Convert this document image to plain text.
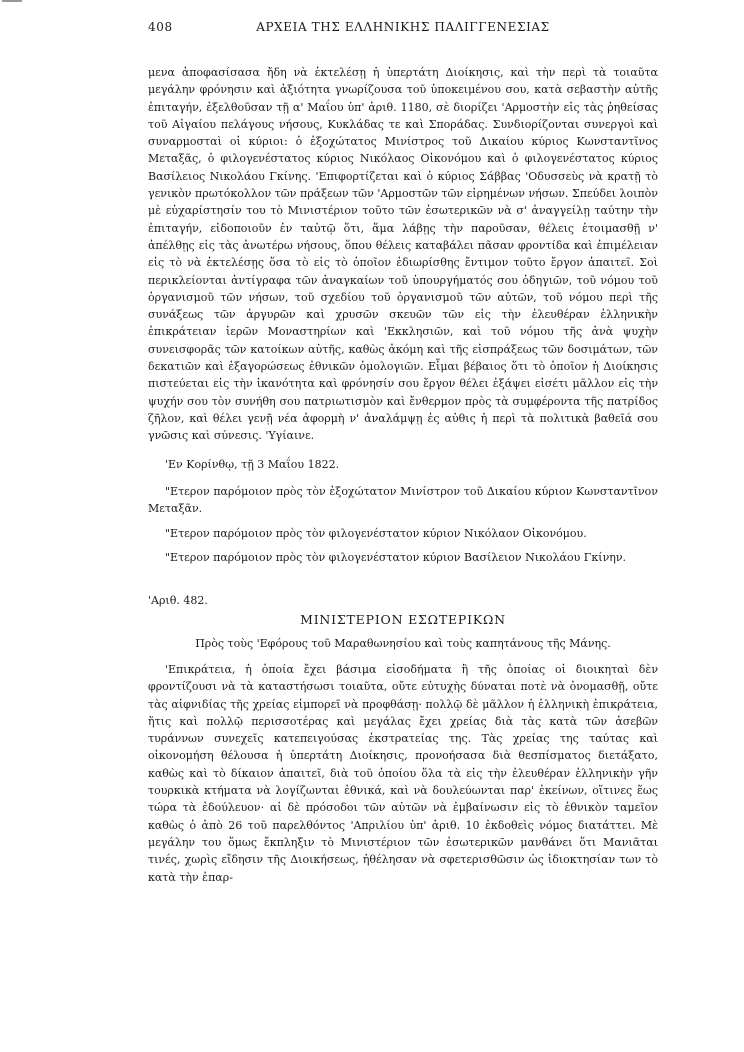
408	ΑΡΧΕΙΑ ΤΗΣ ΕΛΛΗΝΙΚΗΣ ΠΑΛΙΓΓΕΝΕΣΙΑΣ

μενα ἀποφασίσασα ἤδη νὰ ἐκτελέσῃ ἡ ὑπερτάτη Διοίκησις, καὶ τὴν περὶ τὰ τοιαῦτα μεγάλην φρόνησιν καὶ ἀξιότητα γνωρίζουσα τοῦ ὑποκειμένου σου, κατὰ σεβαστὴν αὐτῆς ἐπιταγήν, ἐξελθοῦσαν τῇ α' Μαΐου ὑπ' ἀριθ. 1180, σὲ διορίζει 'Αρμοστὴν εἰς τὰς ῥηθείσας τοῦ Αἰγαίου πελάγους νήσους, Κυκλάδας τε καὶ Σποράδας. Συνδιορίζονται συνεργοὶ καὶ συναρμοσταὶ οἱ κύριοι: ὁ ἐξοχώτατος Μινίστρος τοῦ Δικαίου κύριος Κωνσταντῖνος Μεταξᾶς, ὁ φιλογενέστατος κύριος Νικόλαος Οἰκονόμου καὶ ὁ φιλογενέστατος κύριος Βασίλειος Νικολάου Γκίνης. 'Επιφορτίζεται καὶ ὁ κύριος Σάββας 'Οδυσσεὺς νὰ κρατῇ τὸ γενικὸν πρωτόκολλον τῶν πράξεων τῶν 'Αρμοστῶν τῶν εἰρημένων νήσων. Σπεύδει λοιπὸν μὲ εὐχαρίστησίν του τὸ Μινιστέριον τοῦτο τῶν ἐσωτερικῶν νὰ σ' ἀναγγείλῃ ταύτην τὴν ἐπιταγήν, εἰδοποιοῦν ἐν ταὐτῷ ὅτι, ἅμα λάβῃς τὴν παροῦσαν, θέλεις ἑτοιμασθῇ ν' ἀπέλθῃς εἰς τὰς ἀνωτέρω νήσους, ὅπου θέλεις καταβάλει πᾶσαν φροντίδα καὶ ἐπιμέλειαν εἰς τὸ νὰ ἐκτελέσῃς ὅσα τὸ εἰς τὸ ὁποῖον ἐδιωρίσθης ἔντιμον τοῦτο ἔργον ἀπαιτεῖ. Σοὶ περικλείονται ἀντίγραφα τῶν ἀναγκαίων τοῦ ὑπουργήματός σου ὁδηγιῶν, τοῦ νόμου τοῦ ὀργανισμοῦ τῶν νήσων, τοῦ σχεδίου τοῦ ὀργανισμοῦ τῶν αὐτῶν, τοῦ νόμου περὶ τῆς συνάξεως τῶν ἀργυρῶν καὶ χρυσῶν σκευῶν τῶν εἰς τὴν ἐλευθέραν ἑλληνικὴν ἐπικράτειαν ἱερῶν Μοναστηρίων καὶ 'Εκκλησιῶν, καὶ τοῦ νόμου τῆς ἀνὰ ψυχὴν συνεισφορᾶς τῶν κατοίκων αὐτῆς, καθὼς ἀκόμη καὶ τῆς εἰσπράξεως τῶν δοσιμάτων, τῶν δεκατιῶν καὶ ἐξαγορώσεως ἐθνικῶν ὁμολογιῶν. Εἶμαι βέβαιος ὅτι τὸ ὁποῖον ἡ Διοίκησις πιστεύεται εἰς τὴν ἱκανότητα καὶ φρόνησίν σου ἔργον θέλει ἐξάψει εἰσέτι μᾶλλον εἰς τὴν ψυχήν σου τὸν συνήθη σου πατριωτισμὸν καὶ ἔνθερμον πρὸς τὰ συμφέροντα τῆς πατρίδος ζῆλον, καὶ θέλει γενῇ νέα ἀφορμὴ ν' ἀναλάμψῃ ἐς αὐθις ἡ περὶ τὰ πολιτικὰ βαθεῖά σου γνῶσις καὶ σύνεσις. 'Υγίαινε.

'Εν Κορίνθῳ, τῇ 3 Μαΐου 1822.

"Ετερον παρόμοιον πρὸς τὸν ἐξοχώτατον Μινίστρον τοῦ Δικαίου κύριον Κωνσταντῖνον Μεταξᾶν.

"Ετερον παρόμοιον πρὸς τὸν φιλογενέστατον κύριον Νικόλαον Οἰκονόμου.

"Ετερον παρόμοιον πρὸς τὸν φιλογενέστατον κύριον Βασίλειον Νικολάου Γκίνην.

'Αριθ. 482.
ΜΙΝΙΣΤΕΡΙΟΝ ΕΣΩΤΕΡΙΚΩΝ
Πρὸς τοὺς 'Εφόρους τοῦ Μαραθωνησίου καὶ τοὺς καπητάνους τῆς Μάνης.

'Επικράτεια, ἡ ὁποία ἔχει βάσιμα εἰσοδήματα ἢ τῆς ὁποίας οἱ διοικηταὶ δὲν φροντίζουσι νὰ τὰ καταστήσωσι τοιαῦτα, οὔτε εὐτυχὴς δύναται ποτὲ νὰ ὀνομασθῇ, οὔτε τὰς αἰφνιδίας τῆς χρείας εἰμπορεῖ νὰ προφθάσῃ· πολλῷ δὲ μᾶλλον ἡ ἑλληνικὴ ἐπικράτεια, ἥτις καὶ πολλῷ περισσοτέρας καὶ μεγάλας ἔχει χρείας διὰ τὰς κατὰ τῶν ἀσεβῶν τυράννων συνεχεῖς κατεπειγούσας ἐκστρατείας της. Τὰς χρείας της ταύτας καὶ οἰκονομήση θέλουσα ἡ ὑπερτάτη Διοίκησις, προνοήσασα διὰ θεσπίσματος διετάξατο, καθὼς καὶ τὸ δίκαιον ἀπαιτεῖ, διὰ τοῦ ὁποίου ὅλα τὰ εἰς τὴν ἐλευθέραν ἑλληνικὴν γῆν τουρκικὰ κτήματα νὰ λογίζωνται ἐθνικά, καὶ νὰ δουλεύωνται παρ' ἐκείνων, οἵτινες ἕως τώρα τὰ ἐδούλευον· αἱ δὲ πρόσοδοι τῶν αὐτῶν νὰ ἐμβαίνωσιν εἰς τὸ ἐθνικὸν ταμεῖον καθὼς ὁ ἀπὸ 26 τοῦ παρελθόντος 'Απριλίου ὑπ' ἀριθ. 10 ἐκδοθεὶς νόμος διατάττει. Μὲ μεγάλην του ὅμως ἔκπληξιν τὸ Μινιστέριον τῶν ἐσωτερικῶν μανθάνει ὅτι Μανιᾶται τινές, χωρὶς εἴδησιν τῆς Διοικήσεως, ἠθέλησαν νὰ σφετερισθῶσιν ὡς ἰδιοκτησίαν των τὸ κατὰ τὴν ἐπαρ-
